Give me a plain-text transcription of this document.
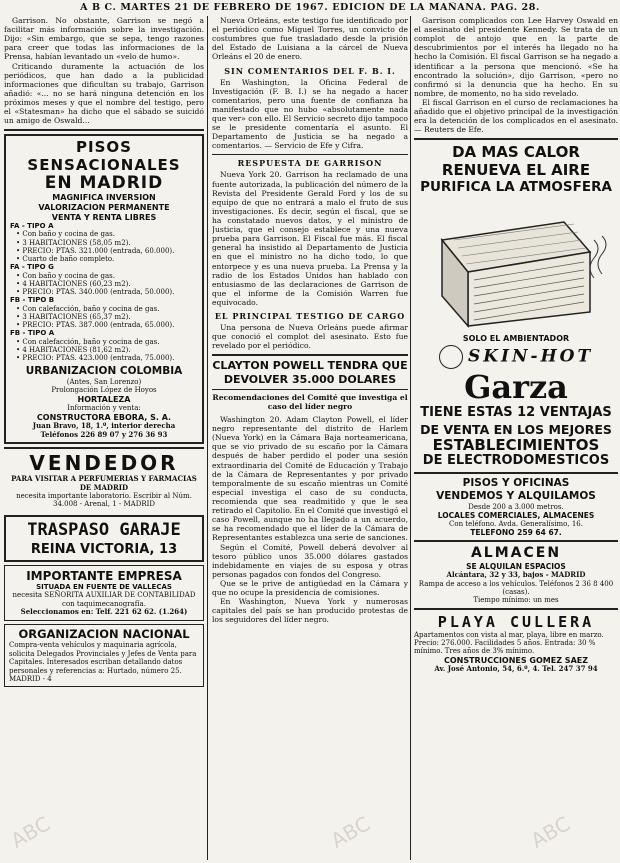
A B C. MARTES 21 DE FEBRERO DE 1967. EDICION DE LA MAÑANA. PAG. 28.

Garrison. No obstante, Garrison se negó a facilitar más información sobre la investigación. Dijo: «Sin embargo, que se sepa, tengo razones para creer que todas las informaciones de la Prensa, habían levantado un «velo de humo».

Criticando duramente la actuación de los periódicos, que han dado a la publicidad informaciones que dificultan su trabajo, Garrison añadió: «... no se hará ninguna detención en los próximos meses y que el nombre del testigo, pero el «Statesman» ha dicho que el sábado se suicidó un amigo de Oswald...

PISOS SENSACIONALES
EN MADRID
MAGNIFICA INVERSION
VALORIZACION PERMANENTE
VENTA Y RENTA LIBRES
FA - TIPO A
• Con baño y cocina de gas.
• 3 HABITACIONES (58,05 m2).
• PRECIO: PTAS. 321.000 (entrada, 60.000).
• Cuarto de baño completo.
FA - TIPO G
• Con baño y cocina de gas.
• 4 HABITACIONES (60,23 m2).
• PRECIO: PTAS. 340.000 (entrada, 50.000).
FB - TIPO B
• Con calefacción, baño y cocina de gas.
• 3 HABITACIONES (65,37 m2).
• PRECIO: PTAS. 387.000 (entrada, 65.000).
FB - TIPO A
• Con calefacción, baño y cocina de gas.
• 4 HABITACIONES (81,62 m2).
• PRECIO: PTAS. 423.000 (entrada, 75.000).
URBANIZACION COLOMBIA
(Antes, San Lorenzo)
Prolongación López de Hoyos
HORTALEZA
Información y venta:
CONSTRUCTORA EBORA, S. A.
Juan Bravo, 18, 1.º, interior derecha
Teléfonos 226 89 07 y 276 36 93
VENDEDOR
PARA VISITAR A PERFUMERIAS Y FARMACIAS DE MADRID
necesita importante laboratorio. Escribir al Núm. 34.008 - Arenal, 1 - MADRID
TRASPASO GARAJE
REINA VICTORIA, 13
IMPORTANTE EMPRESA
SITUADA EN FUENTE DE VALLECAS
necesita SEÑORITA AUXILIAR DE CONTABILIDAD con taquimecanografía.
Seleccionamos en: Telf. 221 62 62. (1.264)
ORGANIZACION NACIONAL
Compra-venta vehículos y maquinaria agrícola, solicita Delegados Provinciales y Jefes de Venta para Capitales. Interesados escriban detallando datos personales y referencias a: Hurtado, número 25. MADRID - 4

Nueva Orleáns, este testigo fue identificado por el periódico como Miguel Torres, un convicto de costumbres que fue trasladado desde la prisión del Estado de Luisiana a la cárcel de Nueva Orleáns el 20 de enero.

SIN COMENTARIOS DEL F. B. I.

En Washington, la Oficina Federal de Investigación (F. B. I.) se ha negado a hacer comentarios, pero una fuente de confianza ha manifestado que no hubo «absolutamente nada que ver» con ello. El Servicio secreto dijo tampoco se le presidente comentaría el asunto. El Departamento de Justicia se ha negado a comentarios. — Servicio de Efe y Cifra.

RESPUESTA DE GARRISON

Nueva York 20. Garrison ha reclamado de una fuente autorizada, la publicación del número de la Revista del Presidente Gerald Ford y los de su equipo de que no entrará a malo el fruto de sus investigaciones. Es decir, según el fiscal, que se ha constatado nuevos datos, y el ministro de Justicia, que el consejo establece y una nueva prueba para Garrison. El Fiscal fue más. El fiscal general ha insistido al Departamento de Justicia en que el ministro no ha dicho todo, lo que entorpece y es una nueva prueba. La Prensa y la radio de los Estados Unidos han hablado con entusiasmo de las declaraciones de Garrison de que el informe de la Comisión Warren fue equivocado.

EL PRINCIPAL TESTIGO DE CARGO

Una persona de Nueva Orleáns puede afirmar que conoció el complot del asesinato. Esto fue revelado por el periódico.

CLAYTON POWELL TENDRA QUE DEVOLVER 35.000 DOLARES
Recomendaciones del Comité que investiga el caso del líder negro

Washington 20. Adam Clayton Powell, el líder negro representante del distrito de Harlem (Nueva York) en la Cámara Baja norteamericana, que se vio privado de su escaño por la Cámara después de haber perdido el poder una sesión extraordinaria del Comité de Educación y Trabajo de la Cámara de Representantes y por privado temporalmente de su escaño mientras un Comité especial investiga el caso de su conducta, recomienda que sea readmitido y que le sea retirado el Capitolio. En el Comité que investigó el caso Powell, aunque no ha llegado a un acuerdo, se ha recomendado que el líder de la Cámara de Representantes establezca una serie de sanciones.

Según el Comité, Powell deberá devolver al tesoro público unos 35.000 dólares gastados indebidamente en viajes de su esposa y otras personas pagados con fondos del Congreso.

Que se le prive de antigüedad en la Cámara y que no ocupe la presidencia de comisiones.

En Washington, Nueva York y numerosas capitales del país se han producido protestas de los seguidores del líder negro.

Garrison complicados con Lee Harvey Oswald en el asesinato del presidente Kennedy. Se trata de un complot de antojo que en la parte de descubrimientos por el interés ha llegado no ha hecho la Comisión. El fiscal Garrison se ha negado a identificar a la persona que mencionó. «Se ha encontrado la solución», dijo Garrison, «pero no confirmó si la denuncia que ha hecho. En su nombre, de momento, no ha sido revelado.

El fiscal Garrison en el curso de reclamaciones ha añadido que el objetivo principal de la investigación era la detención de los complicados en el asesinato. — Reuters de Efe.

DA MAS CALOR
RENUEVA EL AIRE
PURIFICA LA ATMOSFERA
SOLO EL AMBIENTADOR
SKIN-HOT
Garza
TIENE ESTAS 12 VENTAJAS
DE VENTA EN LOS MEJORES
ESTABLECIMIENTOS
DE ELECTRODOMESTICOS
PISOS Y OFICINAS
VENDEMOS Y ALQUILAMOS
Desde 200 a 3.000 metros.
LOCALES COMERCIALES, ALMACENES
Con teléfono. Avda. Generalísimo, 16.
TELEFONO 259 64 67.
ALMACEN
SE ALQUILAN ESPACIOS
Alcántara, 32 y 33, bajos - MADRID
Rampa de acceso a los vehículos. Teléfonos 2 36 8 400 (casas).
Tiempo mínimo: un mes
PLAYA CULLERA
Apartamentos con vista al mar, playa, libre en marzo. Precio: 276.000. Facilidades 5 años. Entrada: 30 % mínimo. Tres años de 3% mínimo.
CONSTRUCCIONES GOMEZ SAEZ
Av. José Antonio, 54, 6.º, 4. Tel. 247 37 94
ABC	ABC	ABC
